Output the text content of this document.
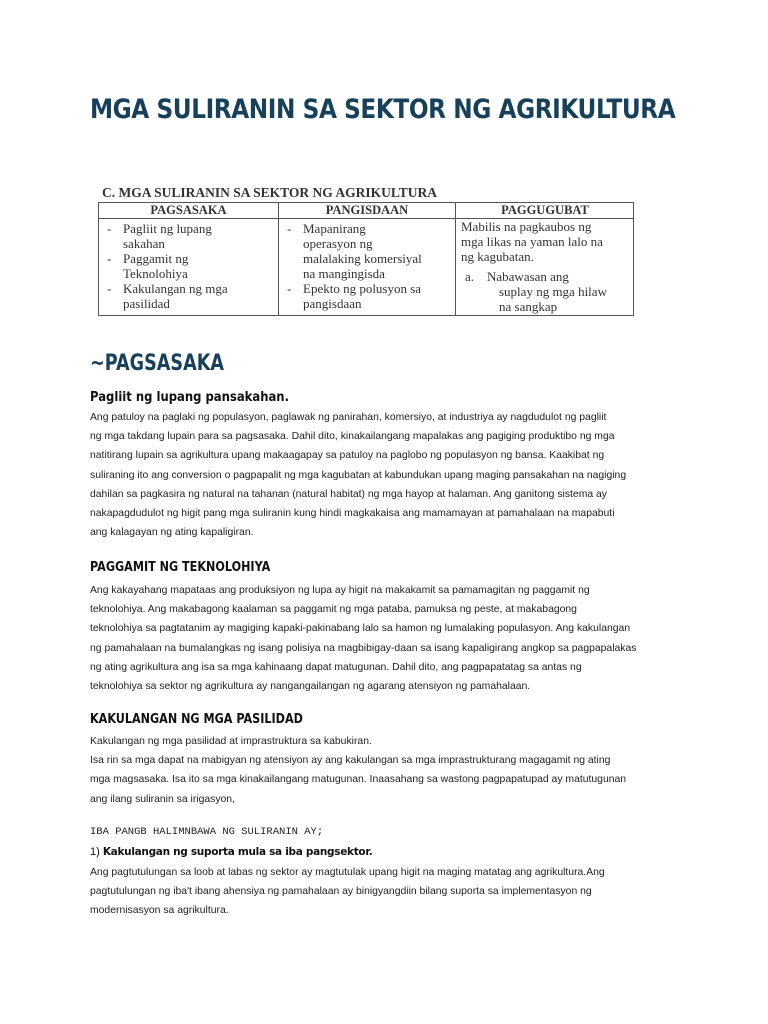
MGA SULIRANIN SA SEKTOR NG AGRIKULTURA
C. MGA SULIRANIN SA SEKTOR NG AGRIKULTURA
PAGSASAKA	PANGISDAAN	PAGGUGUBAT
- Pagliit ng lupang
sakahan
- Paggamit ng
Teknolohiya
- Kakulangan ng mga
pasilidad
- Mapanirang
operasyon ng
malalaking komersiyal
na mangingisda
- Epekto ng polusyon sa
pangisdaan
Mabilis na pagkaubos ng
mga likas na yaman lalo na
ng kagubatan.
a. Nabawasan ang
suplay ng mga hilaw
na sangkap
~PAGSASAKA
Pagliit ng lupang pansakahan.

Ang patuloy na paglaki ng populasyon, paglawak ng panirahan, komersiyo, at industriya ay nagdudulot ng pagliit
ng mga takdang lupain para sa pagsasaka. Dahil dito, kinakailangang mapalakas ang pagiging produktibo ng mga
natitirang lupain sa agrikultura upang makaagapay sa patuloy na paglobo ng populasyon ng bansa. Kaakibat ng
suliraning ito ang conversion o pagpapalit ng mga kagubatan at kabundukan upang maging pansakahan na nagiging
dahilan sa pagkasira ng natural na tahanan (natural habitat) ng mga hayop at halaman. Ang ganitong sistema ay
nakapagdudulot ng higit pang mga suliranin kung hindi magkakaisa ang mamamayan at pamahalaan na mapabuti
ang kalagayan ng ating kapaligiran.

PAGGAMIT NG TEKNOLOHIYA

Ang kakayahang mapataas ang produksiyon ng lupa ay higit na makakamit sa pamamagitan ng paggamit ng
teknolohiya. Ang makabagong kaalaman sa paggamit ng mga pataba, pamuksa ng peste, at makabagong
teknolohiya sa pagtatanim ay magiging kapaki-pakinabang lalo sa hamon ng lumalaking populasyon. Ang kakulangan
ng pamahalaan na bumalangkas ng isang polisiya na magbibigay-daan sa isang kapaligirang angkop sa pagpapalakas
ng ating agrikultura ang isa sa mga kahinaang dapat matugunan. Dahil dito, ang pagpapatatag sa antas ng
teknolohiya sa sektor ng agrikultura ay nangangailangan ng agarang atensiyon ng pamahalaan.

KAKULANGAN NG MGA PASILIDAD

Kakulangan ng mga pasilidad at imprastruktura sa kabukiran.
Isa rin sa mga dapat na mabigyan ng atensiyon ay ang kakulangan sa mga imprastrukturang magagamit ng ating
mga magsasaka. Isa ito sa mga kinakailangang matugunan. Inaasahang sa wastong pagpapatupad ay matutugunan
ang ilang suliranin sa irigasyon,

IBA PANGB HALIMNBAWA NG SULIRANIN AY;

1) Kakulangan ng suporta mula sa iba pangsektor.

Ang pagtutulungan sa loob at labas ng sektor ay magtutulak upang higit na maging matatag ang agrikultura.Ang
pagtutulungan ng iba't ibang ahensiya ng pamahalaan ay binigyangdiin bilang suporta sa implementasyon ng
modernisasyon sa agrikultura.
